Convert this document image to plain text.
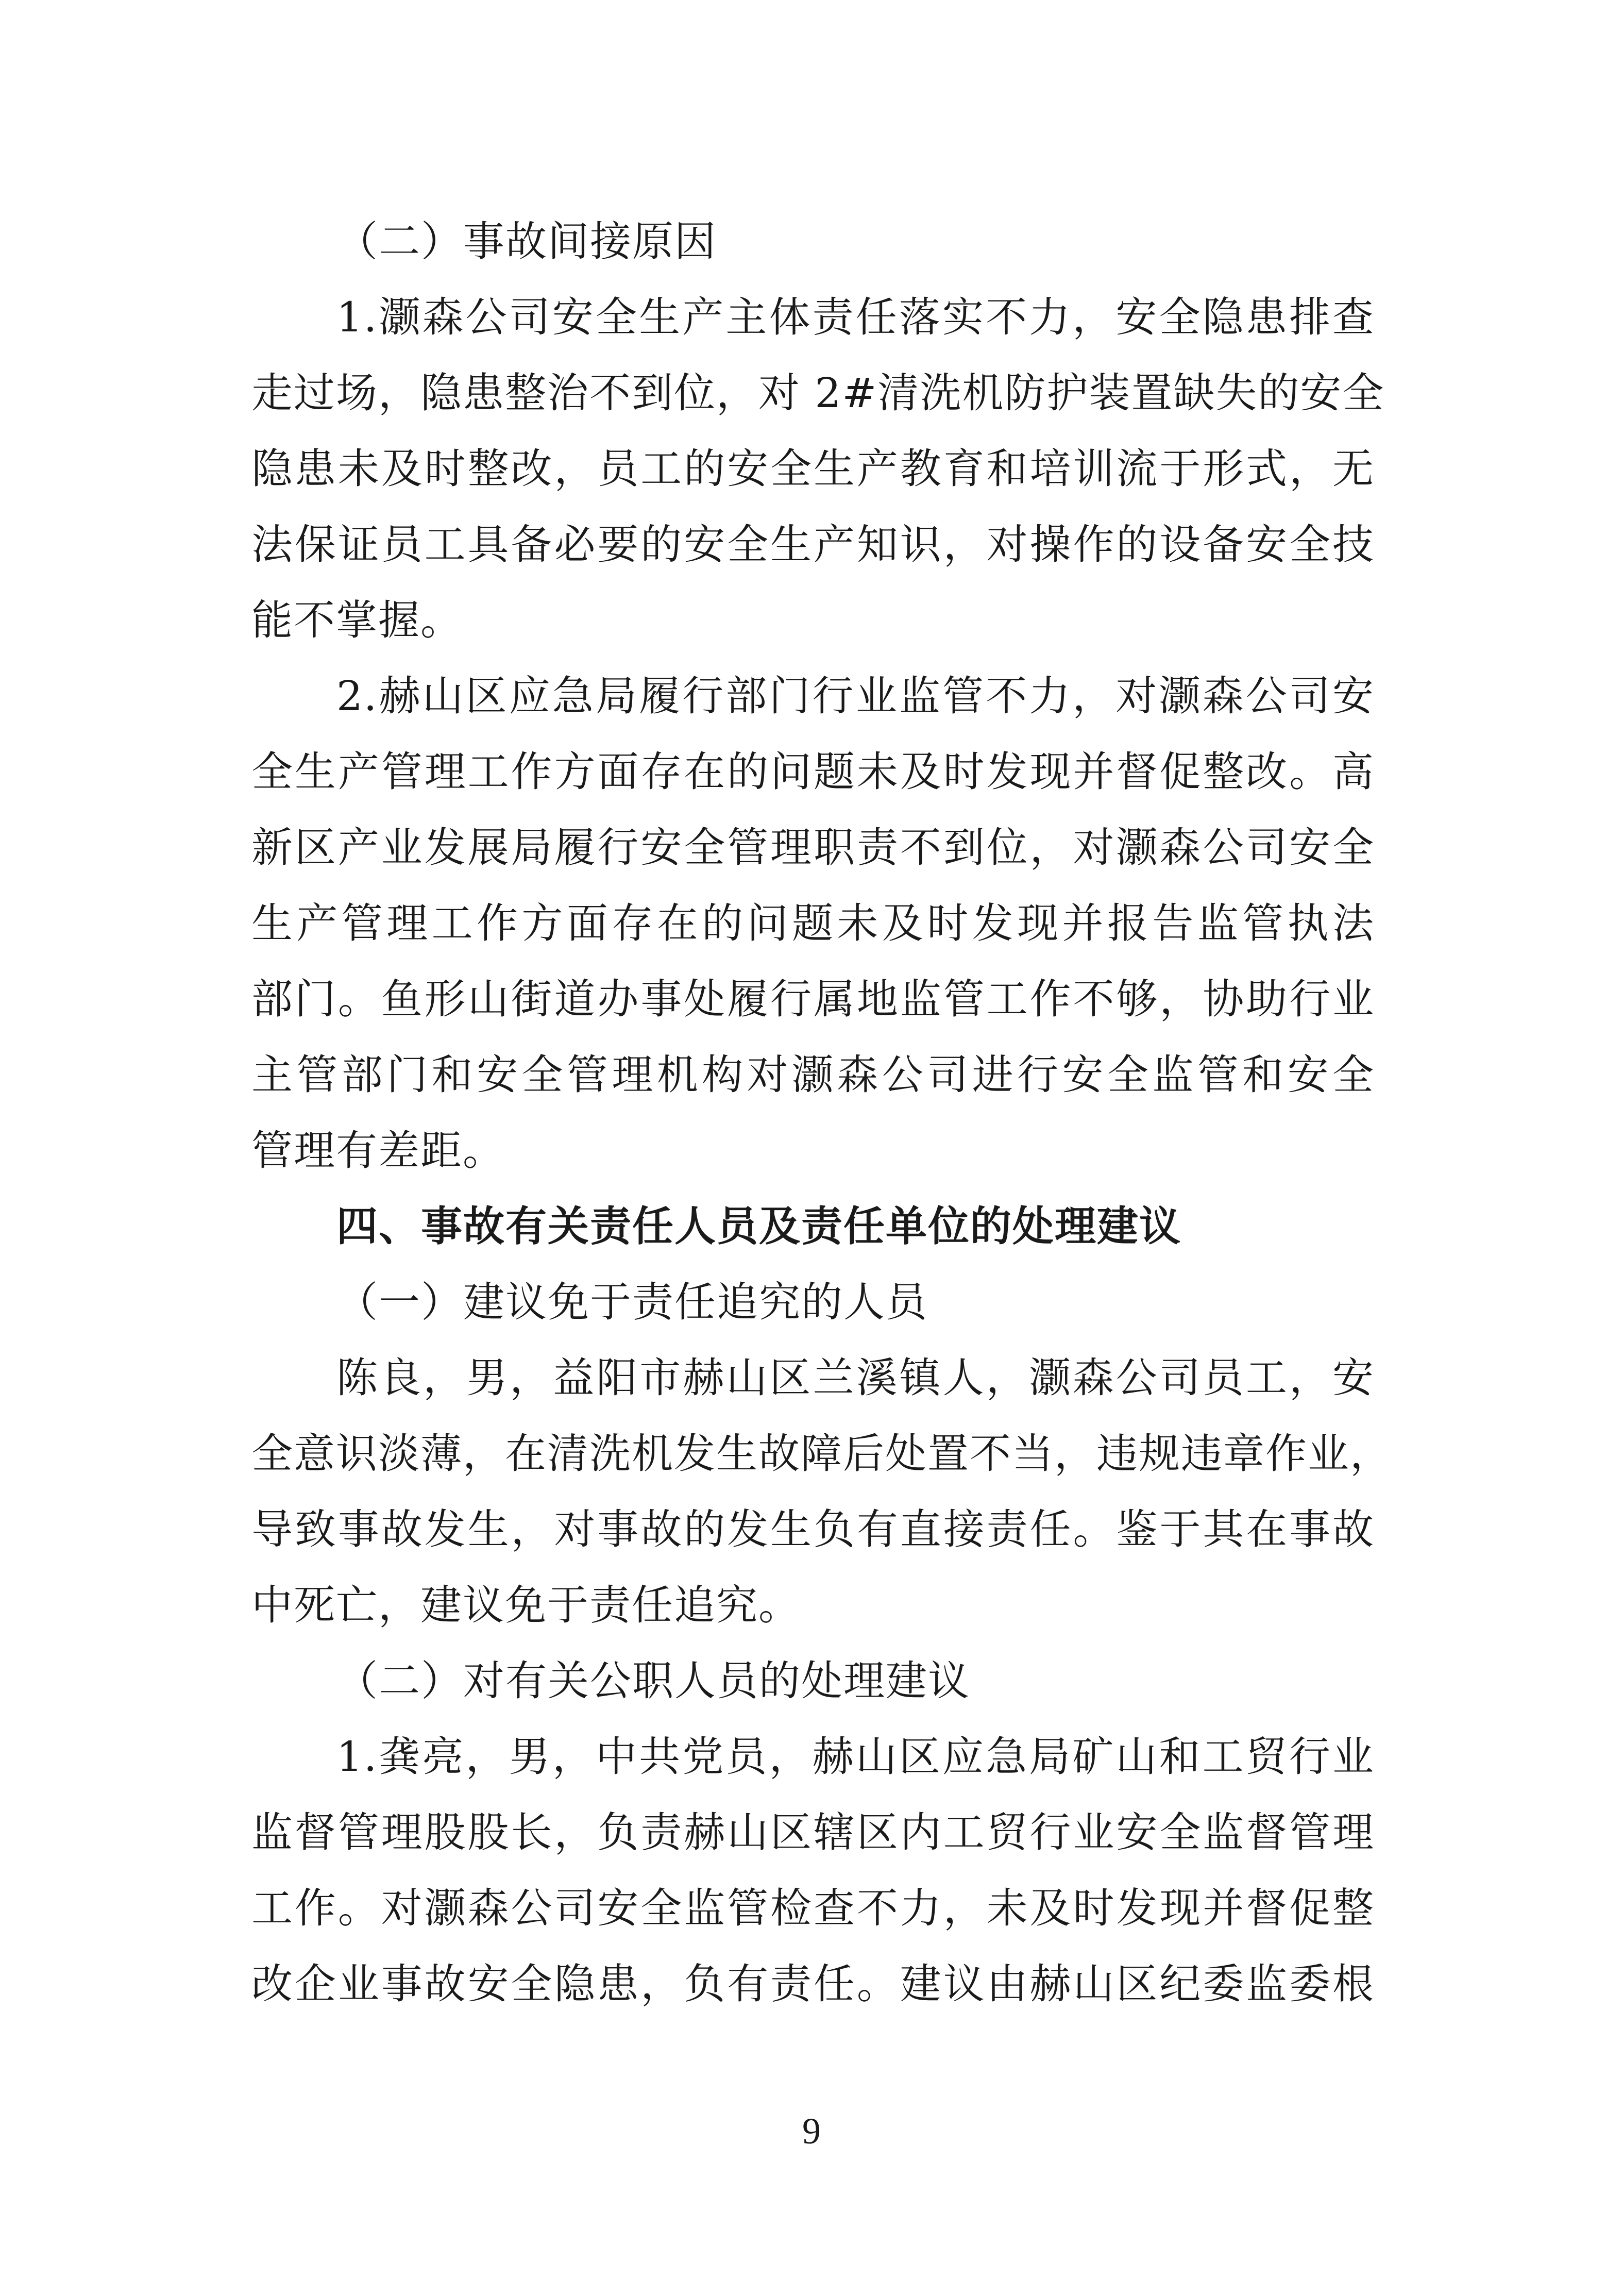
（二）事故间接原因
1.灏森公司安全生产主体责任落实不力，安全隐患排查
走过场，隐患整治不到位，对 2#清洗机防护装置缺失的安全
隐患未及时整改，员工的安全生产教育和培训流于形式，无
法保证员工具备必要的安全生产知识，对操作的设备安全技
能不掌握。
2.赫山区应急局履行部门行业监管不力，对灏森公司安
全生产管理工作方面存在的问题未及时发现并督促整改。高
新区产业发展局履行安全管理职责不到位，对灏森公司安全
生产管理工作方面存在的问题未及时发现并报告监管执法
部门。鱼形山街道办事处履行属地监管工作不够，协助行业
主管部门和安全管理机构对灏森公司进行安全监管和安全
管理有差距。
四、事故有关责任人员及责任单位的处理建议
（一）建议免于责任追究的人员
陈良，男，益阳市赫山区兰溪镇人，灏森公司员工，安
全意识淡薄，在清洗机发生故障后处置不当，违规违章作业，
导致事故发生，对事故的发生负有直接责任。鉴于其在事故
中死亡，建议免于责任追究。
（二）对有关公职人员的处理建议
1.龚亮，男，中共党员，赫山区应急局矿山和工贸行业
监督管理股股长，负责赫山区辖区内工贸行业安全监督管理
工作。对灏森公司安全监管检查不力，未及时发现并督促整
改企业事故安全隐患，负有责任。建议由赫山区纪委监委根
9
